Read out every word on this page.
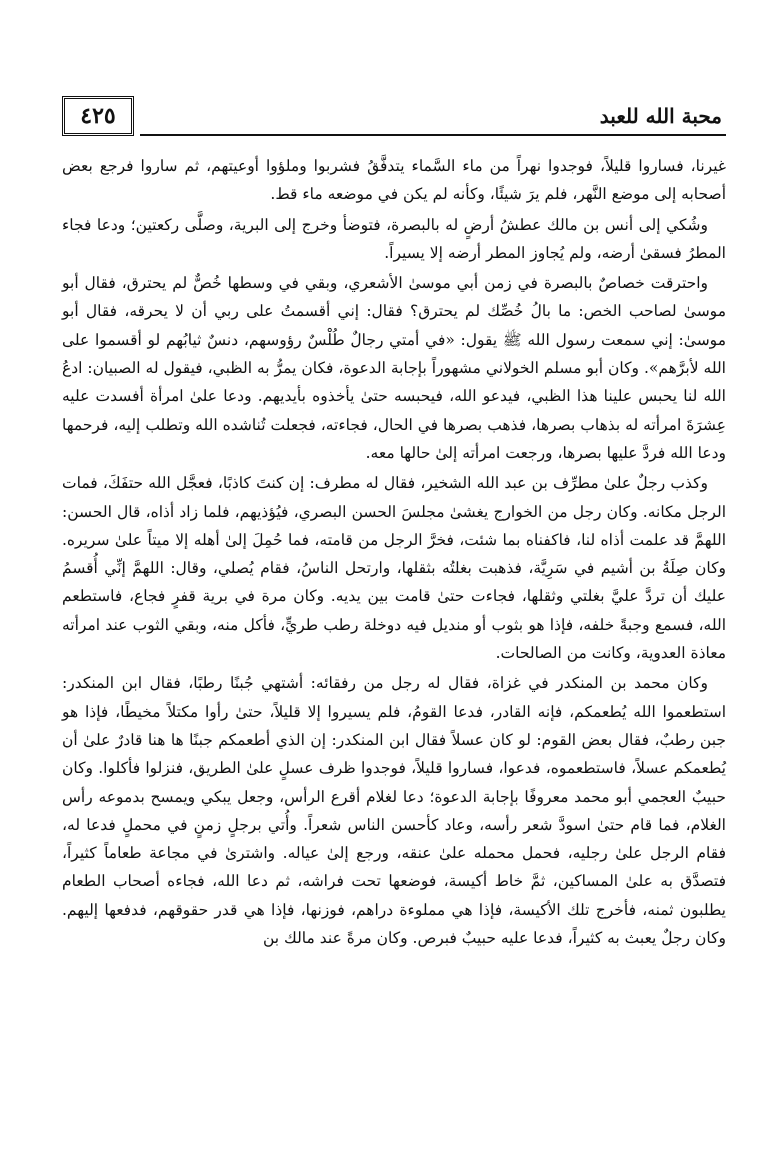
محبة الله للعبد
٤٢٥

غيرنا، فساروا قليلاً، فوجدوا نهراً من ماء السَّماء يتدفَّقُ فشربوا وملؤوا أوعيتهم، ثم ساروا فرجع بعض أصحابه إلى موضع النَّهر، فلم يرَ شيئًا، وكأنه لم يكن في موضعه ماء قط.

وشُكي إلى أنس بن مالك عطشُ أرضٍ له بالبصرة، فتوضأ وخرج إلى البرية، وصلَّى ركعتين؛ ودعا فجاء المطرُ فسقىٰ أرضه، ولم يُجاوز المطر أرضه إلا يسيراً.

واحترقت خصاصٌ بالبصرة في زمن أبي موسىٰ الأشعري، وبقي في وسطها خُصٌّ لم يحترق، فقال أبو موسىٰ لصاحب الخص: ما بالُ خُصِّك لم يحترق؟ فقال: إني أقسمتُ على ربي أن لا يحرقه، فقال أبو موسىٰ: إني سمعت رسول الله ﷺ يقول: «في أمتي رجالٌ طُلْسٌ رؤوسهم، دنسٌ ثيابُهم لو أقسموا على الله لأبرَّهم». وكان أبو مسلم الخولاني مشهوراً بإجابة الدعوة، فكان يمرُّ به الظبي، فيقول له الصبيان: ادعُ الله لنا يحبس علينا هذا الظبي، فيدعو الله، فيحبسه حتىٰ يأخذوه بأيديهم. ودعا علىٰ امرأة أفسدت عليه عِشرَةَ امرأته له بذهاب بصرها، فذهب بصرها في الحال، فجاءته، فجعلت تُناشده الله وتطلب إليه، فرحمها ودعا الله فردَّ عليها بصرها، ورجعت امرأته إلىٰ حالها معه.

وكذب رجلٌ علىٰ مطرِّف بن عبد الله الشخير، فقال له مطرف: إن كنتَ كاذبًا، فعجَّل الله حتفَكَ، فمات الرجل مكانه. وكان رجل من الخوارج يغشىٰ مجلسَ الحسن البصري، فيُؤذيهم، فلما زاد أذاه، قال الحسن: اللهمَّ قد علمت أذاه لنا، فاكفناه بما شئت، فخرَّ الرجل من قامته، فما حُمِلَ إلىٰ أهله إلا ميتاً علىٰ سريره. وكان صِلَةُ بن أشيم في سَرِيَّة، فذهبت بغلتُه بثقلها، وارتحل الناسُ، فقام يُصلي، وقال: اللهمَّ إنِّي أُقسمُ عليك أن تردَّ عليَّ بغلتي وثقلها، فجاءت حتىٰ قامت بين يديه. وكان مرة في برية قفرٍ فجاع، فاستطعم الله، فسمع وجبةً خلفه، فإذا هو بثوب أو منديل فيه دوخلة رطب طريٍّ، فأكل منه، وبقي الثوب عند امرأته معاذة العدوية، وكانت من الصالحات.

وكان محمد بن المنكدر في غزاة، فقال له رجل من رفقائه: أشتهي جُبنًا رطبًا، فقال ابن المنكدر: استطعموا الله يُطعمكم، فإنه القادر، فدعا القومُ، فلم يسيروا إلا قليلاً، حتىٰ رأوا مكتلاً مخيطًا، فإذا هو جبن رطبٌ، فقال بعض القوم: لو كان عسلاً فقال ابن المنكدر: إن الذي أطعمكم جبنًا ها هنا قادرٌ علىٰ أن يُطعمكم عسلاً، فاستطعموه، فدعوا، فساروا قليلاً، فوجدوا ظرف عسلٍ علىٰ الطريق، فنزلوا فأكلوا. وكان حبيبٌ العجمي أبو محمد معروفًا بإجابة الدعوة؛ دعا لغلام أقرع الرأس، وجعل يبكي ويمسح بدموعه رأس الغلام، فما قام حتىٰ اسودَّ شعر رأسه، وعاد كأحسن الناس شعراً. وأُتي برجلٍ زمنٍ في محملٍ فدعا له، فقام الرجل علىٰ رجليه، فحمل محمله علىٰ عنقه، ورجع إلىٰ عياله. واشترىٰ في مجاعة طعاماً كثيراً، فتصدَّق به علىٰ المساكين، ثمَّ خاط أكيسة، فوضعها تحت فراشه، ثم دعا الله، فجاءه أصحاب الطعام يطلبون ثمنه، فأخرج تلك الأكيسة، فإذا هي مملوءة دراهم، فوزنها، فإذا هي قدر حقوقهم، فدفعها إليهم. وكان رجلٌ يعبث به كثيراً، فدعا عليه حبيبٌ فبرص. وكان مرةً عند مالك بن
